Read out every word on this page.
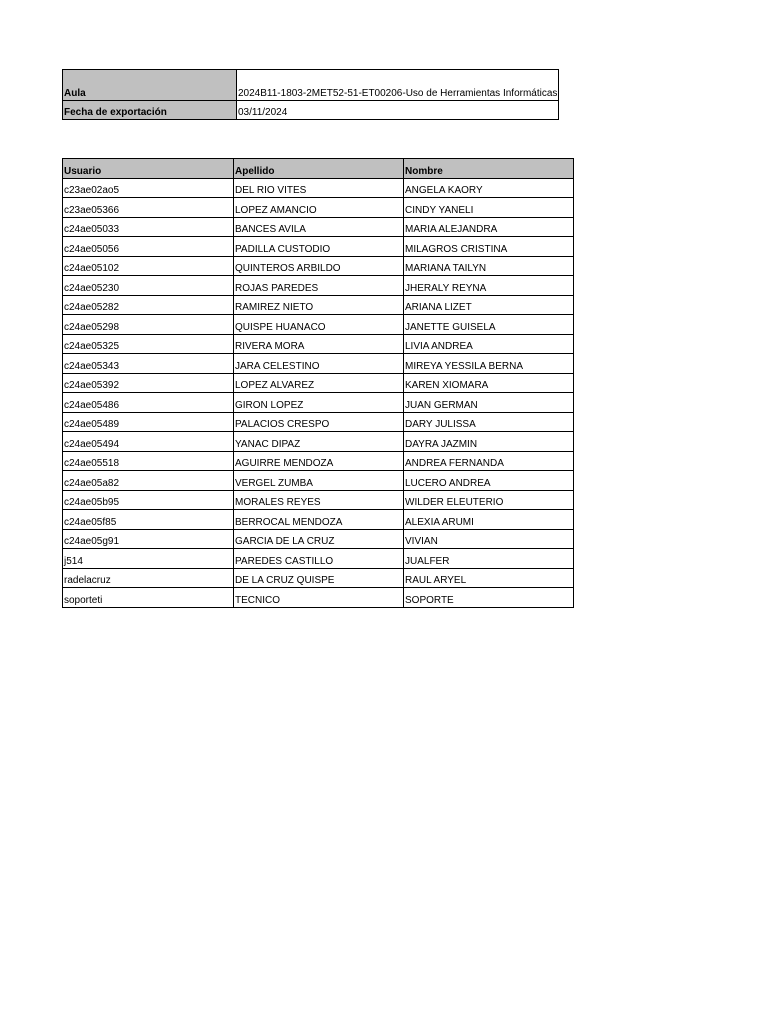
Aula	2024B11-1803-2MET52-51-ET00206-Uso de Herramientas Informáticas
Fecha de exportación	03/11/2024
Usuario	Apellido	Nombre
c23ae02ao5	DEL RIO VITES	ANGELA KAORY
c23ae05366	LOPEZ AMANCIO	CINDY YANELI
c24ae05033	BANCES AVILA	MARIA ALEJANDRA
c24ae05056	PADILLA CUSTODIO	MILAGROS CRISTINA
c24ae05102	QUINTEROS ARBILDO	MARIANA TAILYN
c24ae05230	ROJAS PAREDES	JHERALY REYNA
c24ae05282	RAMIREZ NIETO	ARIANA LIZET
c24ae05298	QUISPE HUANACO	JANETTE GUISELA
c24ae05325	RIVERA MORA	LIVIA ANDREA
c24ae05343	JARA CELESTINO	MIREYA YESSILA BERNA
c24ae05392	LOPEZ ALVAREZ	KAREN XIOMARA
c24ae05486	GIRON LOPEZ	JUAN GERMAN
c24ae05489	PALACIOS CRESPO	DARY JULISSA
c24ae05494	YANAC DIPAZ	DAYRA JAZMIN
c24ae05518	AGUIRRE MENDOZA	ANDREA FERNANDA
c24ae05a82	VERGEL ZUMBA	LUCERO ANDREA
c24ae05b95	MORALES REYES	WILDER ELEUTERIO
c24ae05f85	BERROCAL MENDOZA	ALEXIA ARUMI
c24ae05g91	GARCIA DE LA CRUZ	VIVIAN
j514	PAREDES CASTILLO	JUALFER
radelacruz	DE LA CRUZ QUISPE	RAUL ARYEL
soporteti	TECNICO	SOPORTE
